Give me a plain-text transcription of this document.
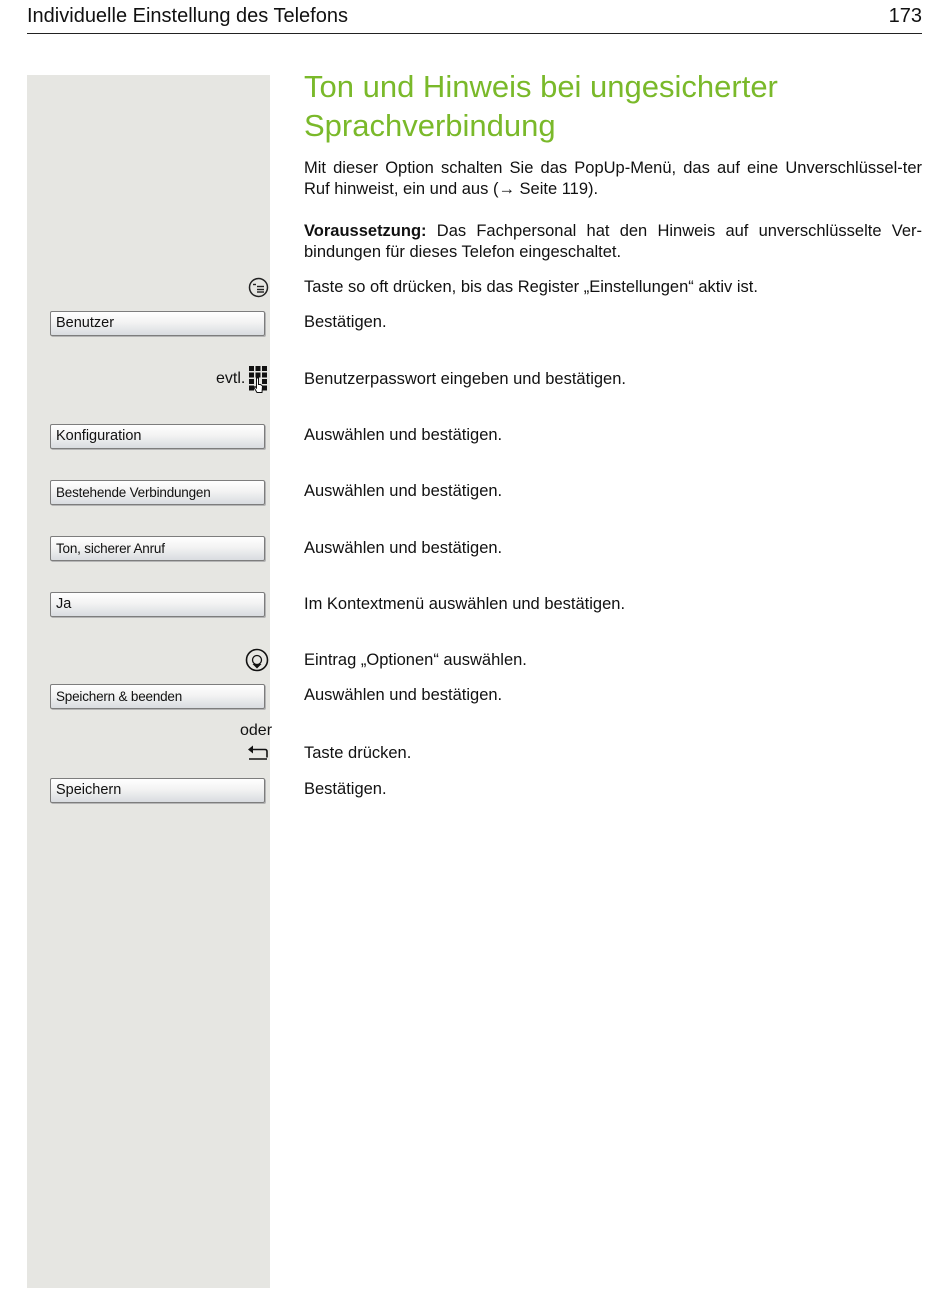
Individuelle Einstellung des Telefons	173
Ton und Hinweis bei ungesicherter
Sprachverbindung
Mit dieser Option schalten Sie das PopUp-Menü, das auf eine Unverschlüssel-ter Ruf hinweist, ein und aus (→ Seite 119).
Voraussetzung: Das Fachpersonal hat den Hinweis auf unverschlüsselte Ver-bindungen für dieses Telefon eingeschaltet.
Taste so oft drücken, bis das Register „Einstellungen“ aktiv ist.
Benutzer	Bestätigen.
evtl.	Benutzerpasswort eingeben und bestätigen.
Konfiguration	Auswählen und bestätigen.
Bestehende Verbindungen	Auswählen und bestätigen.
Ton, sicherer Anruf	Auswählen und bestätigen.
Ja	Im Kontextmenü auswählen und bestätigen.
Eintrag „Optionen“ auswählen.
Speichern & beenden	Auswählen und bestätigen.
oder
Taste drücken.
Speichern	Bestätigen.
